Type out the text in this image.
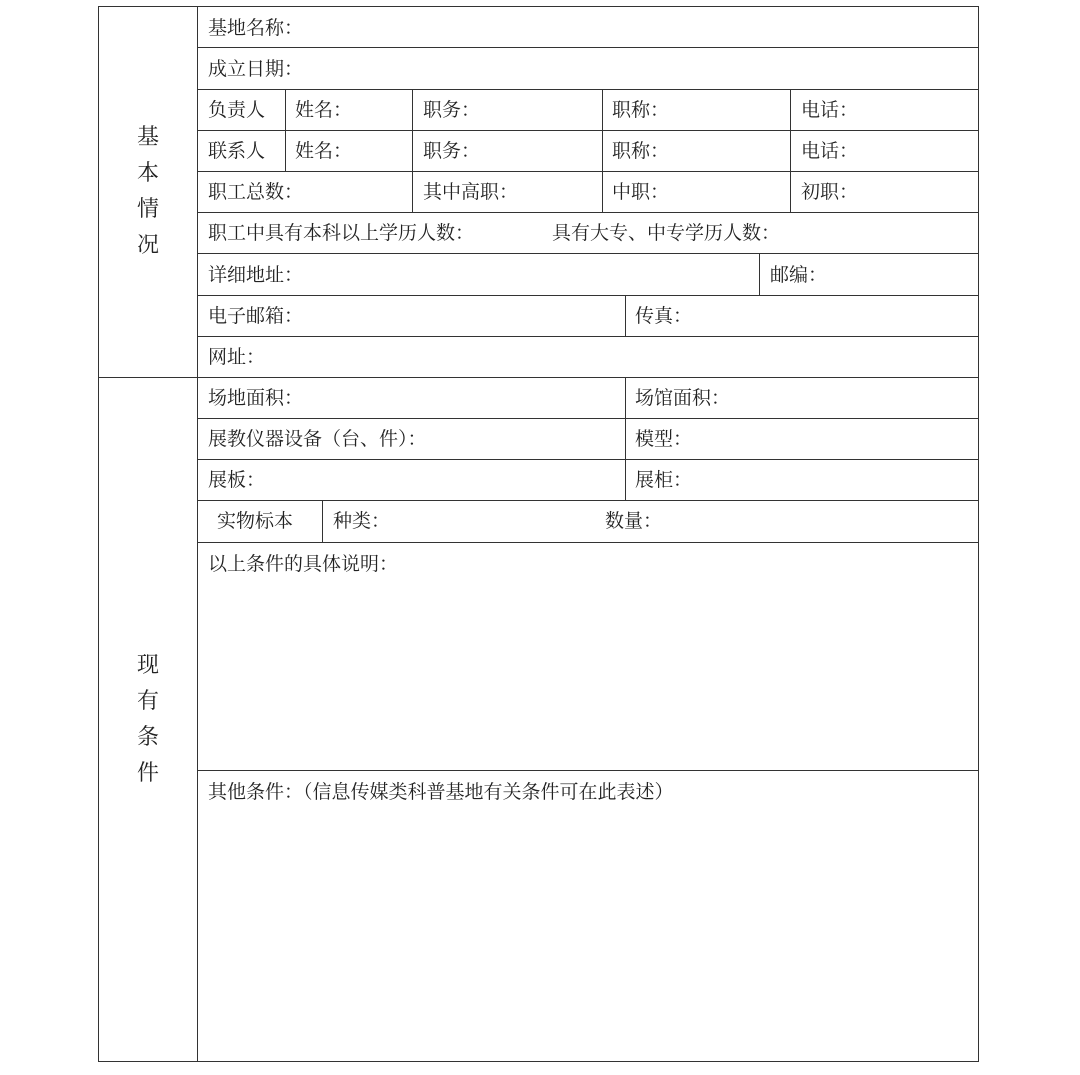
基
本
情
况
现
有
条
件
基地名称：
成立日期：
负责人 姓名：	职务：	职称：	电话：
联系人 姓名：	职务：	职称：	电话：
职工总数：	其中高职：	中职：	初职：
职工中具有本科以上学历人数：	具有大专、中专学历人数：
详细地址：	邮编：
电子邮箱：	传真：
网址：
场地面积：	场馆面积：
展教仪器设备（台、件）：	模型：
展板：	展柜：
实物标本 种类：	数量：
以上条件的具体说明：
其他条件：（信息传媒类科普基地有关条件可在此表述）
